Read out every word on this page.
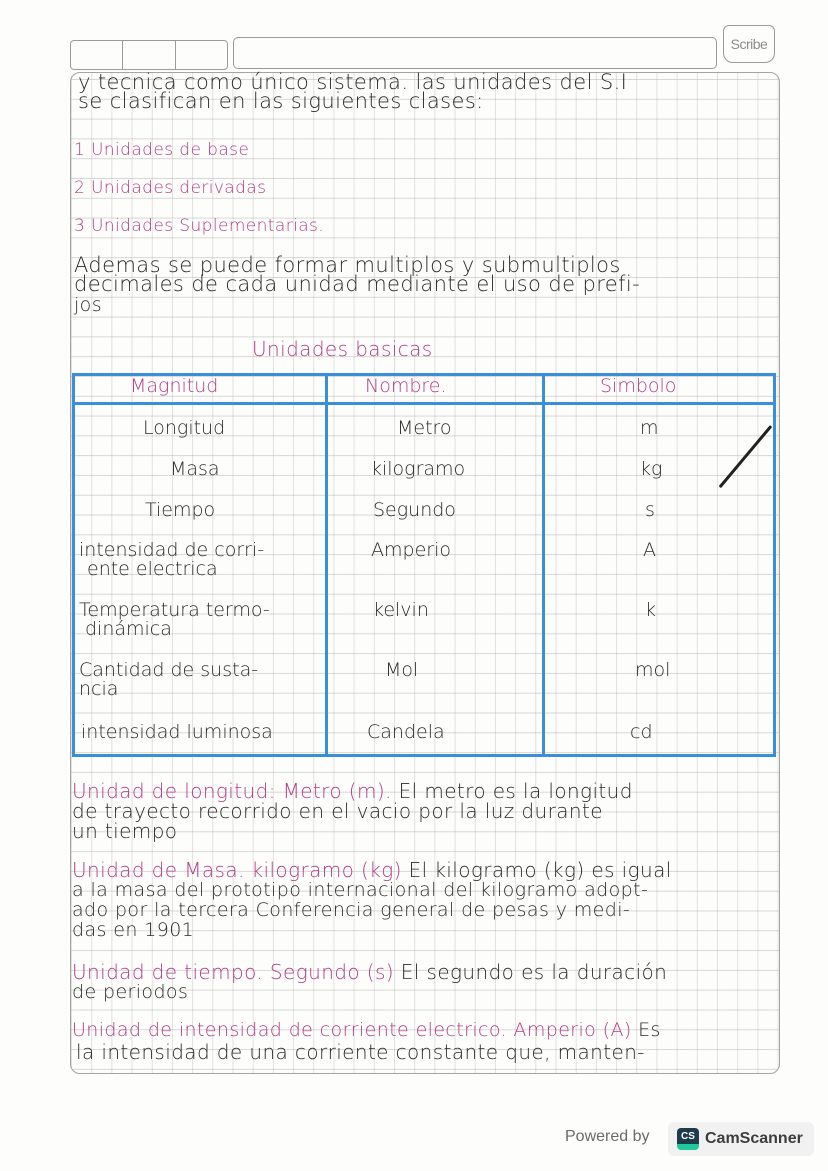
Scribe
y tecnica como único sistema. las unidades del S.I
se clasifican en las siguientes clases:
1 Unidades de base
2 Unidades derivadas
3 Unidades Suplementarias.
Ademas se puede formar multiplos y submultiplos
decimales de cada unidad mediante el uso de prefi-
jos
Unidades basicas
Magnitud	Nombre.	Simbolo
Longitud	Metro	m
Masa	kilogramo	kg
Tiempo	Segundo	s
intensidad de corri-
ente electrica
Amperio	A
Temperatura termo-
dinámica
kelvin	k
Cantidad de susta-
ncia
Mol	mol
intensidad luminosa	Candela	cd
Unidad de longitud: Metro (m). El metro es la longitud
de trayecto recorrido en el vacio por la luz durante
un tiempo
Unidad de Masa. kilogramo (kg) El kilogramo (kg) es igual
a la masa del prototipo internacional del kilogramo adopt-
ado por la tercera Conferencia general de pesas y medi-
das en 1901
Unidad de tiempo. Segundo (s) El segundo es la duración
de periodos
Unidad de intensidad de corriente electrico. Amperio (A) Es
la intensidad de una corriente constante que, manten-
Powered by	CS CamScanner
